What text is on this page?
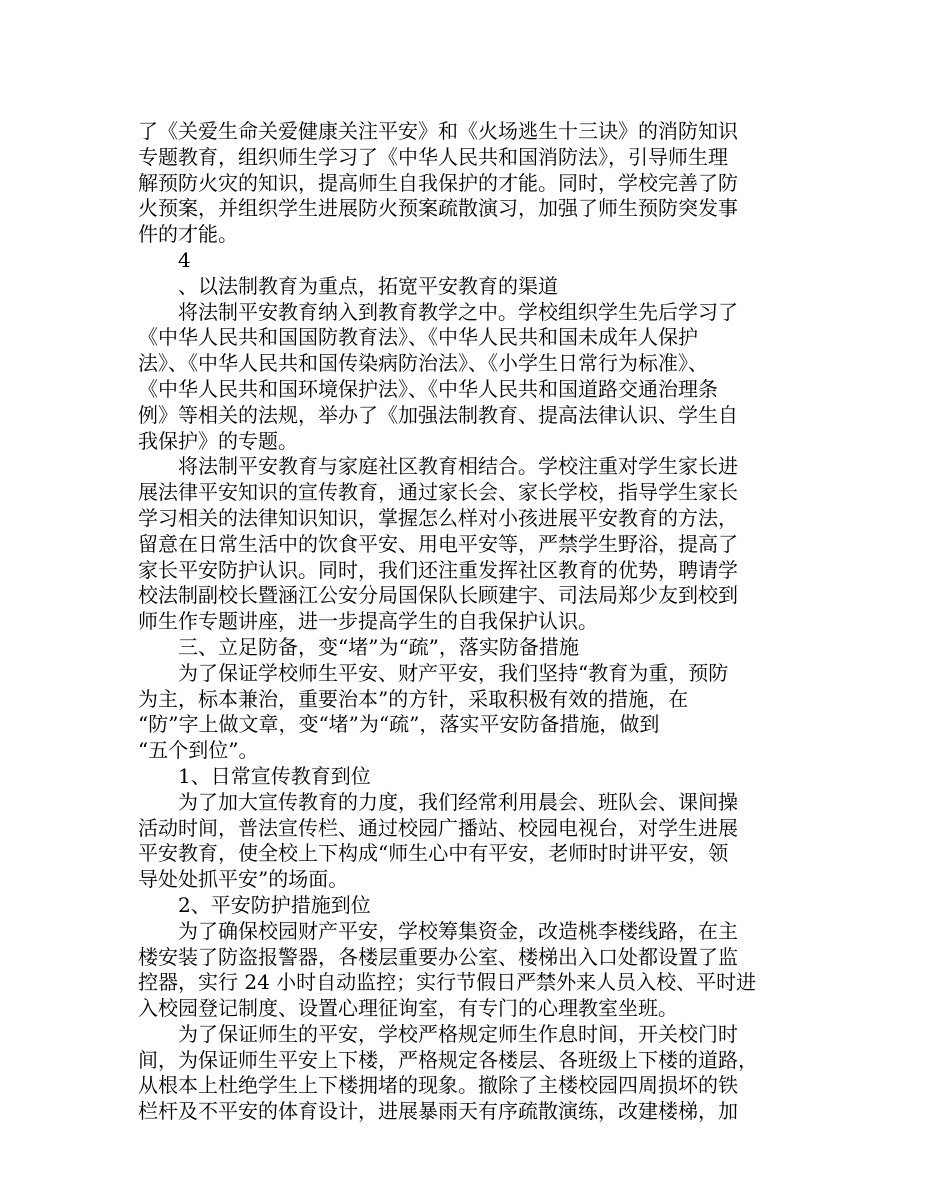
了《关爱生命关爱健康关注平安》和《火场逃生十三诀》的消防知识
专题教育，组织师生学习了《中华人民共和国消防法》，引导师生理
解预防火灾的知识，提高师生自我保护的才能。同时，学校完善了防
火预案，并组织学生进展防火预案疏散演习，加强了师生预防突发事
件的才能。
4
、以法制教育为重点，拓宽平安教育的渠道
将法制平安教育纳入到教育教学之中。学校组织学生先后学习了
《中华人民共和国国防教育法》、《中华人民共和国未成年人保护
法》、《中华人民共和国传染病防治法》、《小学生日常行为标准》、
《中华人民共和国环境保护法》、《中华人民共和国道路交通治理条
例》等相关的法规，举办了《加强法制教育、提高法律认识、学生自
我保护》的专题。
将法制平安教育与家庭社区教育相结合。学校注重对学生家长进
展法律平安知识的宣传教育，通过家长会、家长学校，指导学生家长
学习相关的法律知识知识，掌握怎么样对小孩进展平安教育的方法，
留意在日常生活中的饮食平安、用电平安等，严禁学生野浴，提高了
家长平安防护认识。同时，我们还注重发挥社区教育的优势，聘请学
校法制副校长暨涵江公安分局国保队长顾建宇、司法局郑少友到校到
师生作专题讲座，进一步提高学生的自我保护认识。
三、立足防备，变“堵”为“疏”，落实防备措施
为了保证学校师生平安、财产平安，我们坚持“教育为重，预防
为主，标本兼治，重要治本”的方针，采取积极有效的措施，在
“防”字上做文章，变“堵”为“疏”，落实平安防备措施，做到
“五个到位”。
1、日常宣传教育到位
为了加大宣传教育的力度，我们经常利用晨会、班队会、课间操
活动时间，普法宣传栏、通过校园广播站、校园电视台，对学生进展
平安教育，使全校上下构成“师生心中有平安，老师时时讲平安，领
导处处抓平安”的场面。
2、平安防护措施到位
为了确保校园财产平安，学校筹集资金，改造桃李楼线路，在主
楼安装了防盗报警器，各楼层重要办公室、楼梯出入口处都设置了监
控器，实行 24 小时自动监控；实行节假日严禁外来人员入校、平时进
入校园登记制度、设置心理征询室，有专门的心理教室坐班。
为了保证师生的平安，学校严格规定师生作息时间，开关校门时
间，为保证师生平安上下楼，严格规定各楼层、各班级上下楼的道路，
从根本上杜绝学生上下楼拥堵的现象。撤除了主楼校园四周损坏的铁
栏杆及不平安的体育设计，进展暴雨天有序疏散演练，改建楼梯，加
